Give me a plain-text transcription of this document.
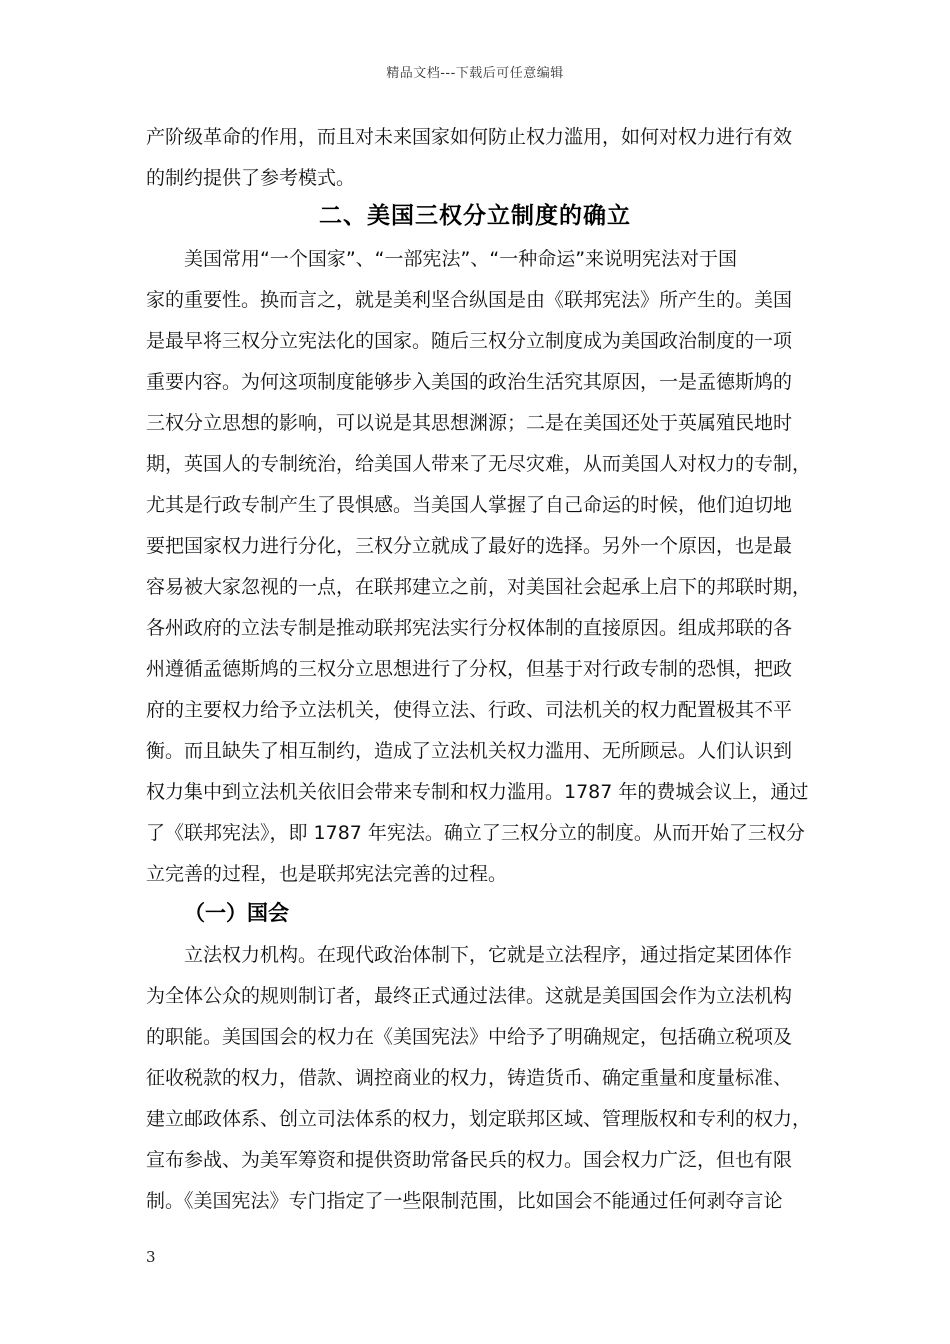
精品文档---下载后可任意编辑
产阶级革命的作用，而且对未来国家如何防止权力滥用，如何对权力进行有效
的制约提供了参考模式。
二、美国三权分立制度的确立
美国常用“一个国家”、“一部宪法”、“一种命运”来说明宪法对于国
家的重要性。换而言之，就是美利坚合纵国是由《联邦宪法》所产生的。美国
是最早将三权分立宪法化的国家。随后三权分立制度成为美国政治制度的一项
重要内容。为何这项制度能够步入美国的政治生活究其原因，一是孟德斯鸠的
三权分立思想的影响，可以说是其思想渊源；二是在美国还处于英属殖民地时
期，英国人的专制统治，给美国人带来了无尽灾难，从而美国人对权力的专制，
尤其是行政专制产生了畏惧感。当美国人掌握了自己命运的时候，他们迫切地
要把国家权力进行分化，三权分立就成了最好的选择。另外一个原因，也是最
容易被大家忽视的一点，在联邦建立之前，对美国社会起承上启下的邦联时期，
各州政府的立法专制是推动联邦宪法实行分权体制的直接原因。组成邦联的各
州遵循孟德斯鸠的三权分立思想进行了分权，但基于对行政专制的恐惧，把政
府的主要权力给予立法机关，使得立法、行政、司法机关的权力配置极其不平
衡。而且缺失了相互制约，造成了立法机关权力滥用、无所顾忌。人们认识到
权力集中到立法机关依旧会带来专制和权力滥用。1787 年的费城会议上，通过
了《联邦宪法》，即 1787 年宪法。确立了三权分立的制度。从而开始了三权分
立完善的过程，也是联邦宪法完善的过程。
（一）国会
立法权力机构。在现代政治体制下，它就是立法程序，通过指定某团体作
为全体公众的规则制订者，最终正式通过法律。这就是美国国会作为立法机构
的职能。美国国会的权力在《美国宪法》中给予了明确规定，包括确立税项及
征收税款的权力，借款、调控商业的权力，铸造货币、确定重量和度量标准、
建立邮政体系、创立司法体系的权力，划定联邦区域、管理版权和专利的权力，
宣布参战、为美军筹资和提供资助常备民兵的权力。国会权力广泛，但也有限
制。《美国宪法》专门指定了一些限制范围，比如国会不能通过任何剥夺言论
3
